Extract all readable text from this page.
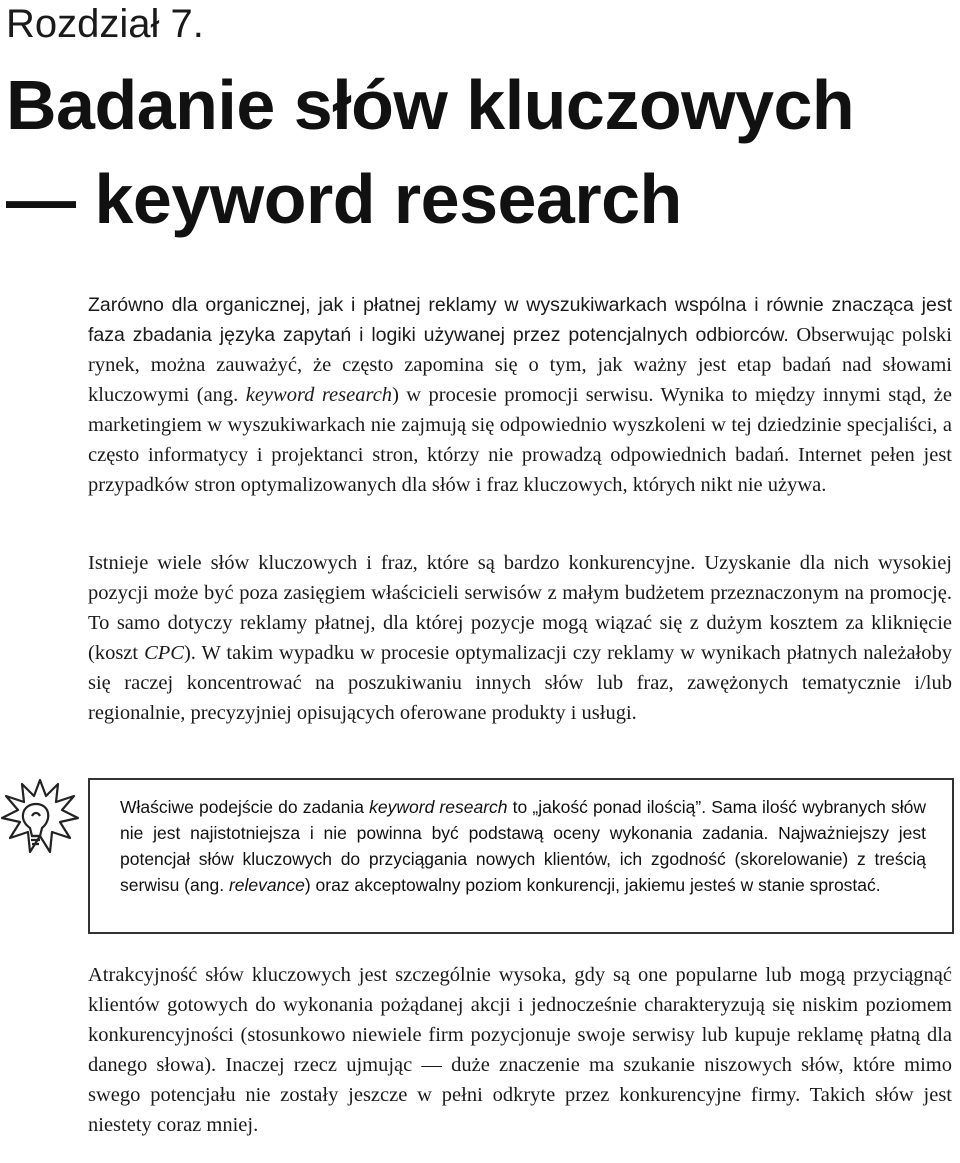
Rozdział 7.
Badanie słów kluczowych
— keyword research

Zarówno dla organicznej, jak i płatnej reklamy w wyszukiwarkach wspólna i równie znacząca jest faza zbadania języka zapytań i logiki używanej przez potencjalnych odbiorców. Obserwując polski rynek, można zauważyć, że często zapomina się o tym, jak ważny jest etap badań nad słowami kluczowymi (ang. keyword research) w procesie promocji serwisu. Wynika to między innymi stąd, że marketingiem w wyszukiwarkach nie zajmują się odpowiednio wyszkoleni w tej dziedzinie specjaliści, a często informatycy i projektanci stron, którzy nie prowadzą odpowiednich badań. Internet pełen jest przypadków stron optymalizowanych dla słów i fraz kluczowych, których nikt nie używa.

Istnieje wiele słów kluczowych i fraz, które są bardzo konkurencyjne. Uzyskanie dla nich wysokiej pozycji może być poza zasięgiem właścicieli serwisów z małym budżetem przeznaczonym na promocję. To samo dotyczy reklamy płatnej, dla której pozycje mogą wiązać się z dużym kosztem za kliknięcie (koszt CPC). W takim wypadku w procesie optymalizacji czy reklamy w wynikach płatnych należałoby się raczej koncentrować na poszukiwaniu innych słów lub fraz, zawężonych tematycznie i/lub regionalnie, precyzyjniej opisujących oferowane produkty i usługi.

Właściwe podejście do zadania keyword research to „jakość ponad ilością”. Sama ilość wybranych słów nie jest najistotniejsza i nie powinna być podstawą oceny wykonania zadania. Najważniejszy jest potencjał słów kluczowych do przyciągania nowych klientów, ich zgodność (skorelowanie) z treścią serwisu (ang. relevance) oraz akceptowalny poziom konkurencji, jakiemu jesteś w stanie sprostać.

Atrakcyjność słów kluczowych jest szczególnie wysoka, gdy są one popularne lub mogą przyciągnąć klientów gotowych do wykonania pożądanej akcji i jednocześnie charakteryzują się niskim poziomem konkurencyjności (stosunkowo niewiele firm pozycjonuje swoje serwisy lub kupuje reklamę płatną dla danego słowa). Inaczej rzecz ujmując — duże znaczenie ma szukanie niszowych słów, które mimo swego potencjału nie zostały jeszcze w pełni odkryte przez konkurencyjne firmy. Takich słów jest niestety coraz mniej.
